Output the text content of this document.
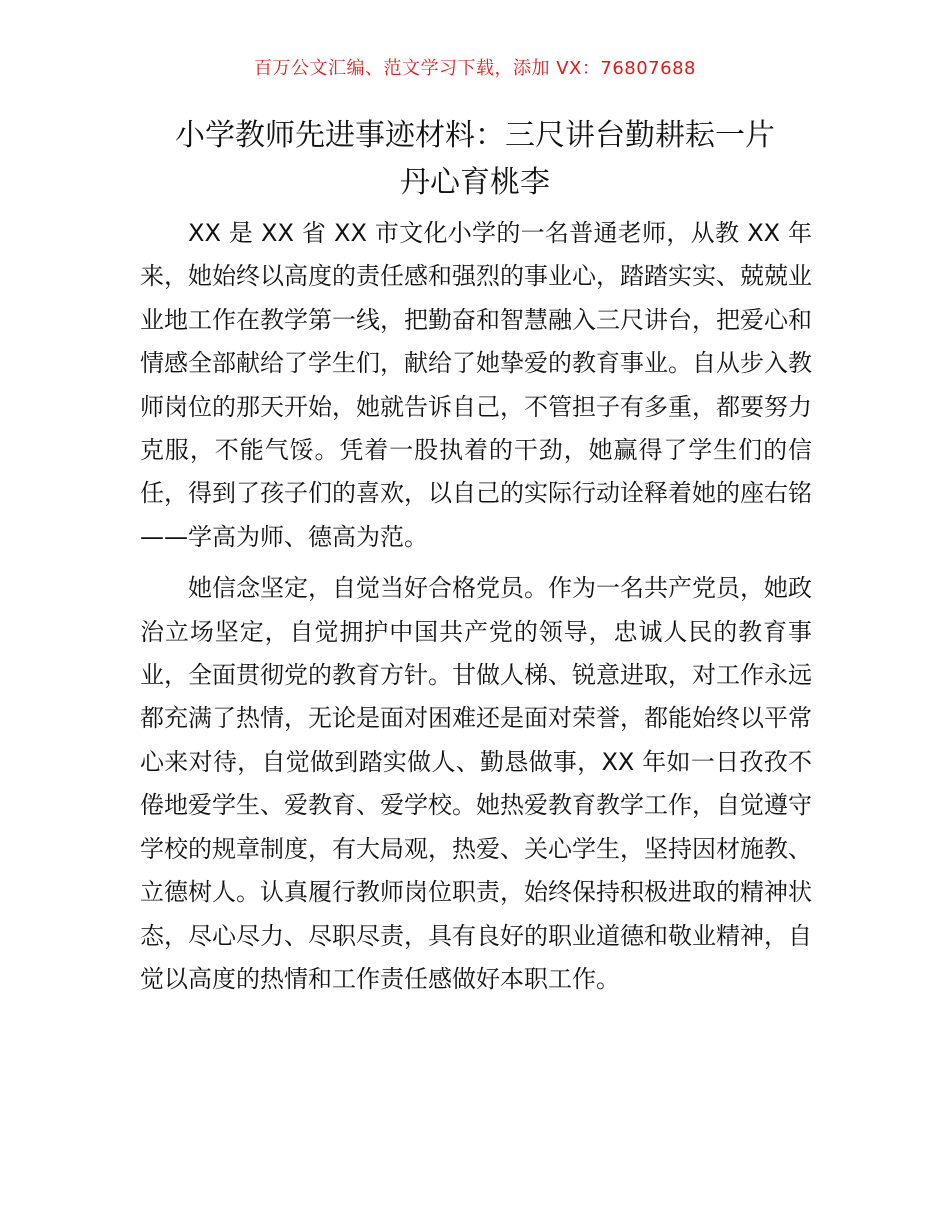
百万公文汇编、范文学习下载，添加 VX：76807688
小学教师先进事迹材料：三尺讲台勤耕耘一片
丹心育桃李

XX 是 XX 省 XX 市文化小学的一名普通老师，从教 XX 年来，她始终以高度的责任感和强烈的事业心，踏踏实实、兢兢业业地工作在教学第一线，把勤奋和智慧融入三尺讲台，把爱心和情感全部献给了学生们，献给了她挚爱的教育事业。自从步入教师岗位的那天开始，她就告诉自己，不管担子有多重，都要努力克服，不能气馁。凭着一股执着的干劲，她赢得了学生们的信任，得到了孩子们的喜欢，以自己的实际行动诠释着她的座右铭——学高为师、德高为范。

她信念坚定，自觉当好合格党员。作为一名共产党员，她政治立场坚定，自觉拥护中国共产党的领导，忠诚人民的教育事业，全面贯彻党的教育方针。甘做人梯、锐意进取，对工作永远都充满了热情，无论是面对困难还是面对荣誉，都能始终以平常心来对待，自觉做到踏实做人、勤恳做事，XX 年如一日孜孜不倦地爱学生、爱教育、爱学校。她热爱教育教学工作，自觉遵守学校的规章制度，有大局观，热爱、关心学生，坚持因材施教、立德树人。认真履行教师岗位职责，始终保持积极进取的精神状态，尽心尽力、尽职尽责，具有良好的职业道德和敬业精神，自觉以高度的热情和工作责任感做好本职工作。
